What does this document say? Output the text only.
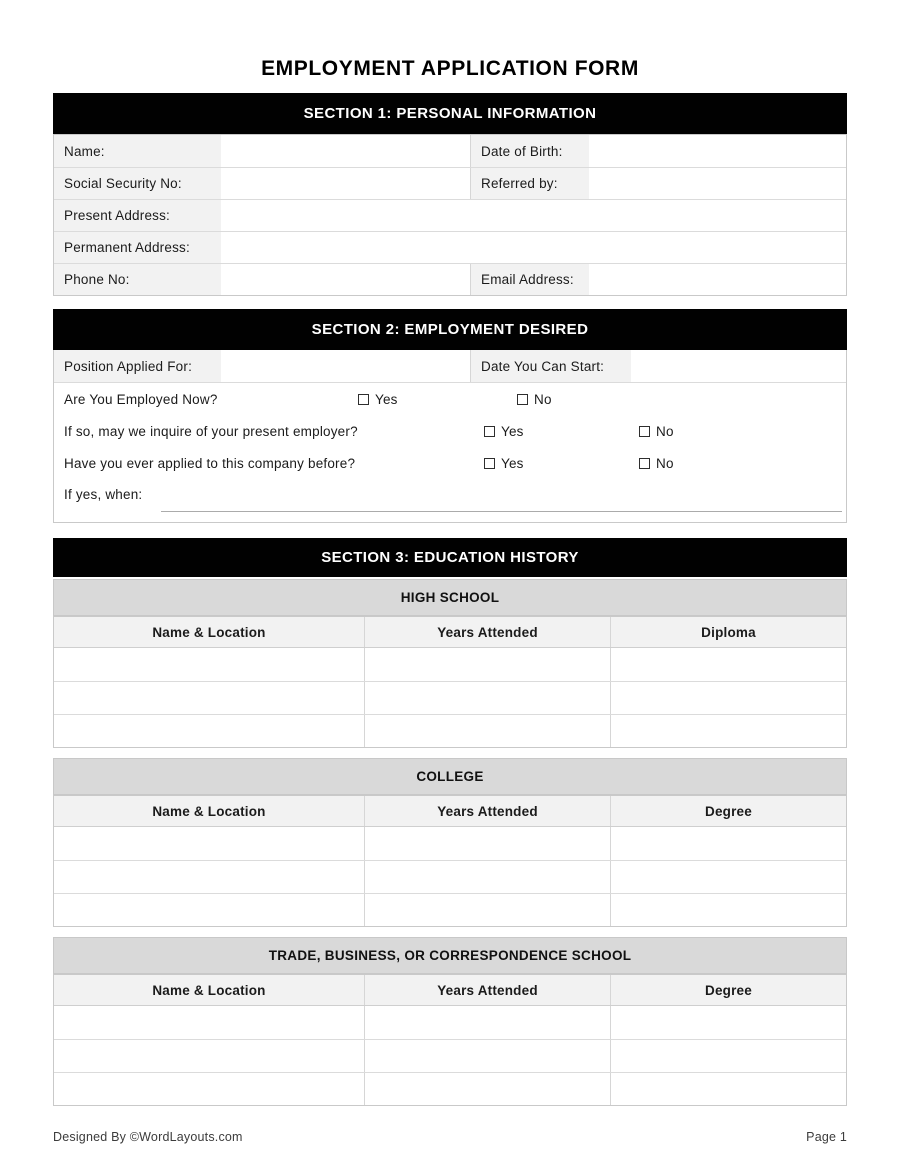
EMPLOYMENT APPLICATION FORM
SECTION 1: PERSONAL INFORMATION
Name:	Date of Birth:
Social Security No:	Referred by:
Present Address:
Permanent Address:
Phone No:	Email Address:
SECTION 2: EMPLOYMENT DESIRED
Position Applied For:	Date You Can Start:
Are You Employed Now?	Yes	No
If so, may we inquire of your present employer?	Yes	No
Have you ever applied to this company before?	Yes	No
If yes, when:
SECTION 3: EDUCATION HISTORY
HIGH SCHOOL
Name & Location	Years Attended	Diploma
COLLEGE
Name & Location	Years Attended	Degree
TRADE, BUSINESS, OR CORRESPONDENCE SCHOOL
Name & Location	Years Attended	Degree
Designed By ©WordLayouts.com	Page 1
